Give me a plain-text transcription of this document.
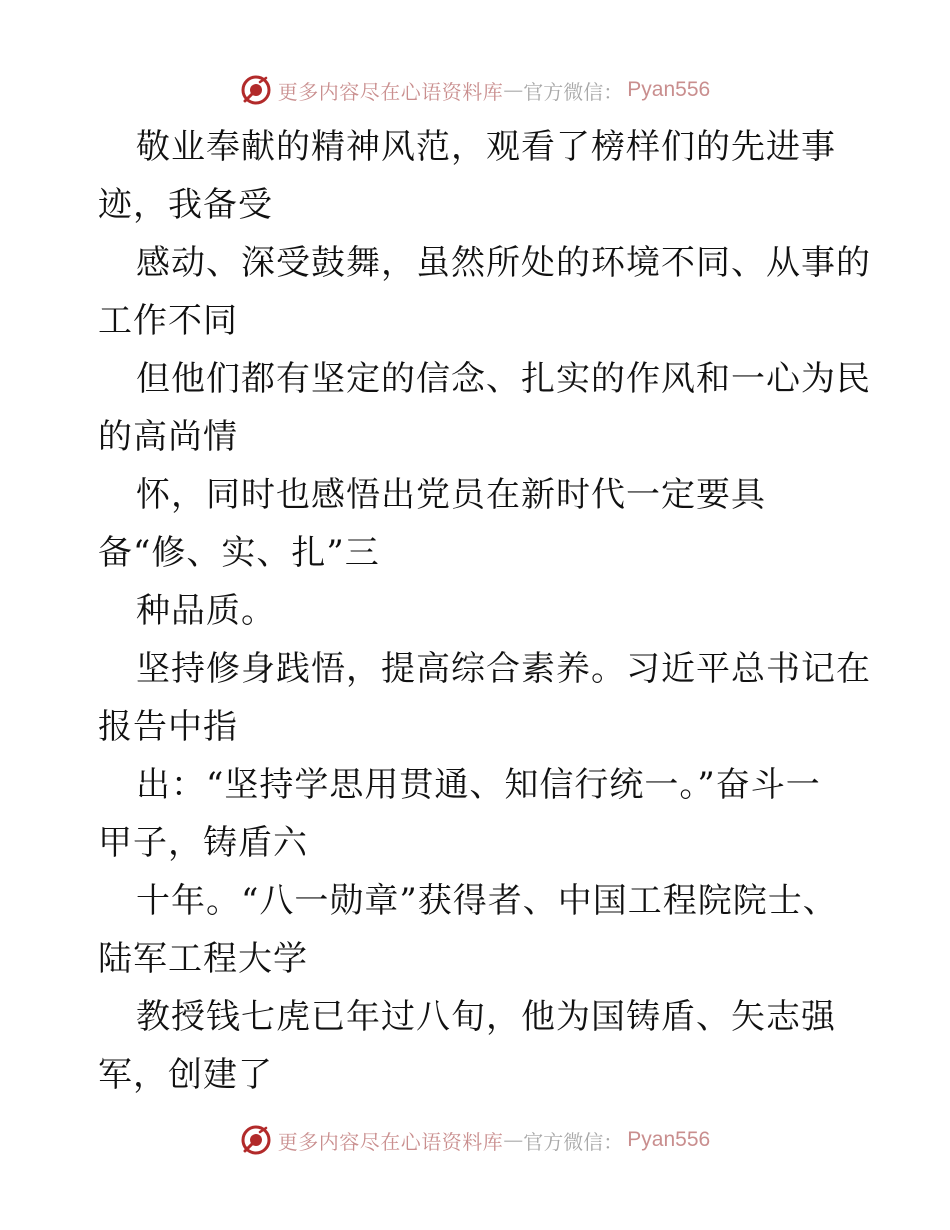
更多内容尽在心语资料库 — 官方微信： Pyan556
敬业奉献的精神风范，观看了榜样们的先进事
迹，我备受
感动、深受鼓舞，虽然所处的环境不同、从事的
工作不同
但他们都有坚定的信念、扎实的作风和一心为民
的高尚情
怀，同时也感悟出党员在新时代一定要具
备“修、实、扎”三
种品质。
坚持修身践悟，提高综合素养。习近平总书记在
报告中指
出：“坚持学思用贯通、知信行统一。”奋斗一
甲子，铸盾六
十年。“八一勋章”获得者、中国工程院院士、
陆军工程大学
教授钱七虎已年过八旬，他为国铸盾、矢志强
军，创建了
更多内容尽在心语资料库 — 官方微信： Pyan556
